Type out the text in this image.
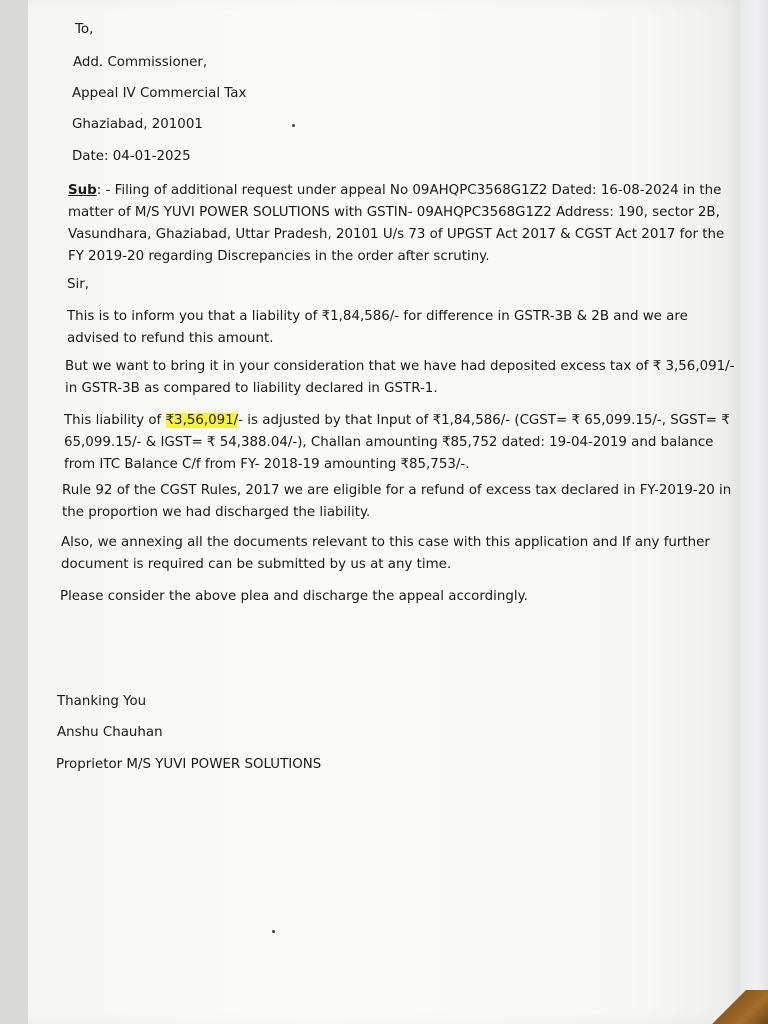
To,
Add. Commissioner,
Appeal IV Commercial Tax
Ghaziabad, 201001
Date: 04-01-2025
Sub: - Filing of additional request under appeal No 09AHQPC3568G1Z2 Dated: 16-08-2024 in the matter of M/S YUVI POWER SOLUTIONS with GSTIN- 09AHQPC3568G1Z2 Address: 190, sector 2B, Vasundhara, Ghaziabad, Uttar Pradesh, 20101 U/s 73 of UPGST Act 2017 & CGST Act 2017 for the FY 2019-20 regarding Discrepancies in the order after scrutiny.
Sir,
This is to inform you that a liability of ₹1,84,586/- for difference in GSTR-3B & 2B and we are advised to refund this amount.
But we want to bring it in your consideration that we have had deposited excess tax of ₹ 3,56,091/- in GSTR-3B as compared to liability declared in GSTR-1.
This liability of ₹3,56,091/- is adjusted by that Input of ₹1,84,586/- (CGST= ₹ 65,099.15/-, SGST= ₹ 65,099.15/- & IGST= ₹ 54,388.04/-), Challan amounting ₹85,752 dated: 19-04-2019 and balance from ITC Balance C/f from FY- 2018-19 amounting ₹85,753/-.
Rule 92 of the CGST Rules, 2017 we are eligible for a refund of excess tax declared in FY-2019-20 in the proportion we had discharged the liability.
Also, we annexing all the documents relevant to this case with this application and If any further document is required can be submitted by us at any time.
Please consider the above plea and discharge the appeal accordingly.
Thanking You
Anshu Chauhan
Proprietor M/S YUVI POWER SOLUTIONS
